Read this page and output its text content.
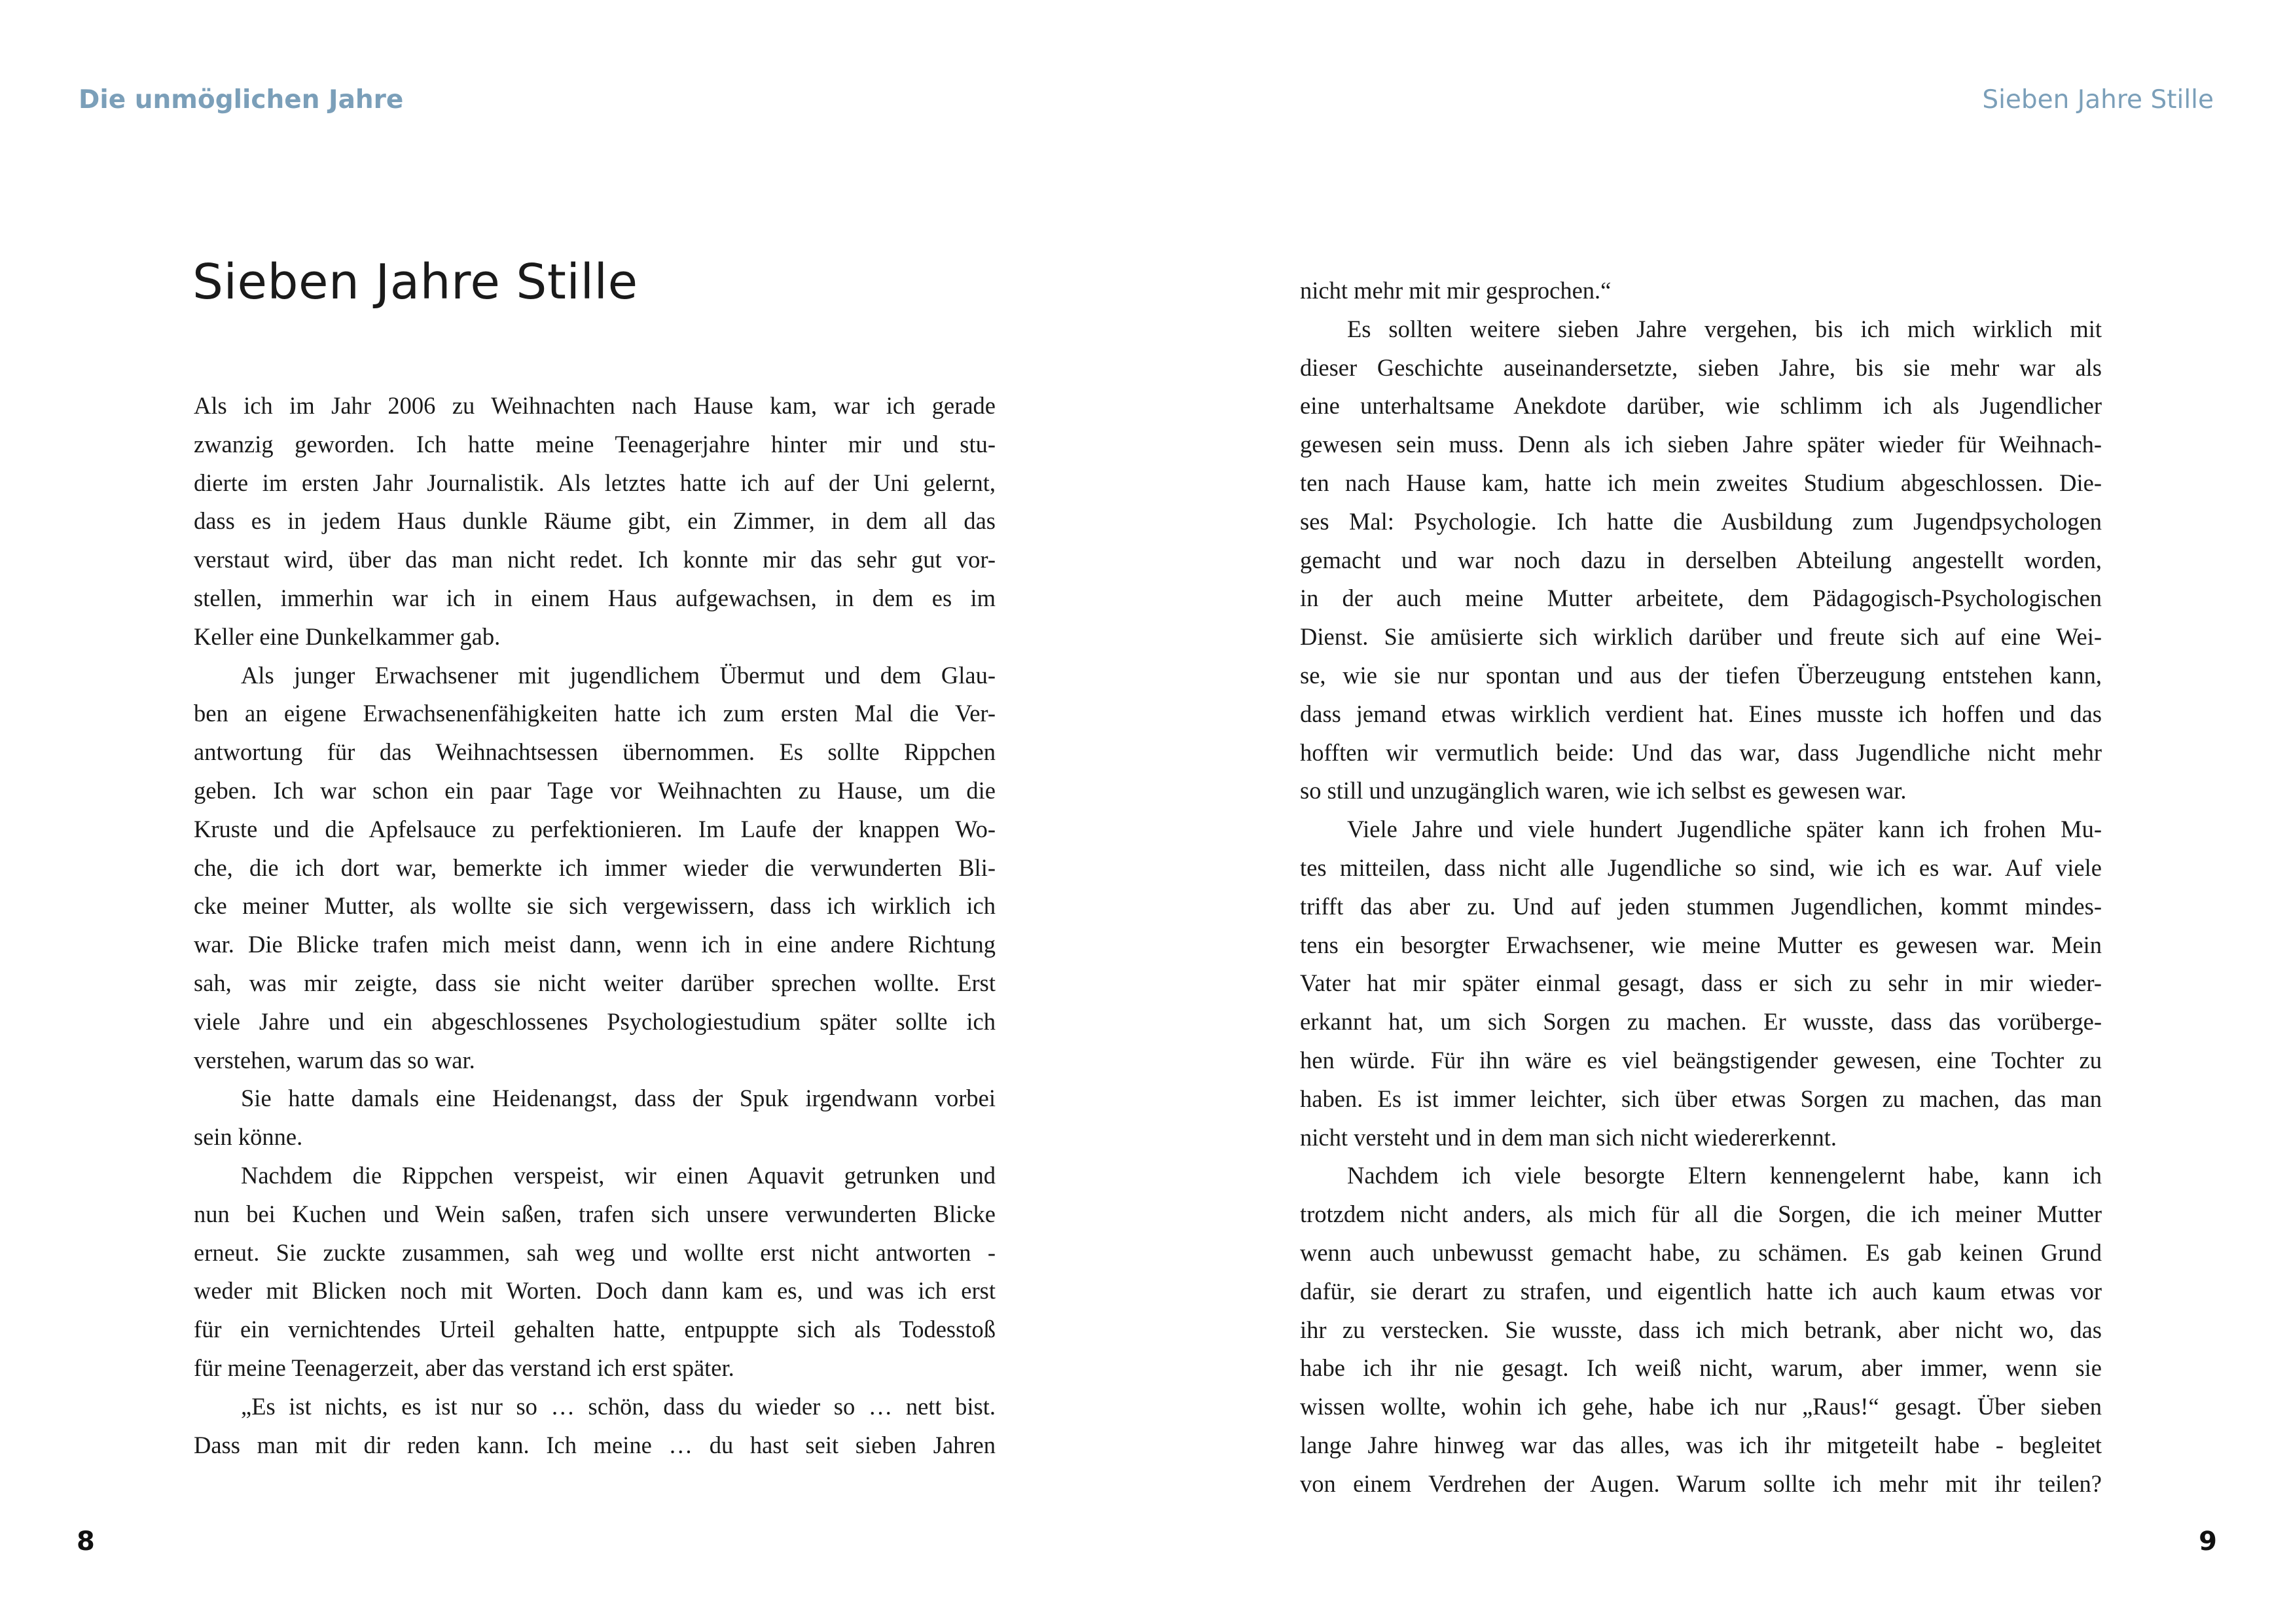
Die unmöglichen Jahre	Sieben Jahre Stille
Sieben Jahre Stille

Als ich im Jahr 2006 zu Weihnachten nach Hause kam, war ich gerade

zwanzig geworden. Ich hatte meine Teenagerjahre hinter mir und stu-

dierte im ersten Jahr Journalistik. Als letztes hatte ich auf der Uni gelernt,

dass es in jedem Haus dunkle Räume gibt, ein Zimmer, in dem all das

verstaut wird, über das man nicht redet. Ich konnte mir das sehr gut vor-

stellen, immerhin war ich in einem Haus aufgewachsen, in dem es im

Keller eine Dunkelkammer gab.

Als junger Erwachsener mit jugendlichem Übermut und dem Glau-

ben an eigene Erwachsenenfähigkeiten hatte ich zum ersten Mal die Ver-

antwortung für das Weihnachtsessen übernommen. Es sollte Rippchen

geben. Ich war schon ein paar Tage vor Weihnachten zu Hause, um die

Kruste und die Apfelsauce zu perfektionieren. Im Laufe der knappen Wo-

che, die ich dort war, bemerkte ich immer wieder die verwunderten Bli-

cke meiner Mutter, als wollte sie sich vergewissern, dass ich wirklich ich

war. Die Blicke trafen mich meist dann, wenn ich in eine andere Richtung

sah, was mir zeigte, dass sie nicht weiter darüber sprechen wollte. Erst

viele Jahre und ein abgeschlossenes Psychologiestudium später sollte ich

verstehen, warum das so war.

Sie hatte damals eine Heidenangst, dass der Spuk irgendwann vorbei

sein könne.

Nachdem die Rippchen verspeist, wir einen Aquavit getrunken und

nun bei Kuchen und Wein saßen, trafen sich unsere verwunderten Blicke

erneut. Sie zuckte zusammen, sah weg und wollte erst nicht antworten -

weder mit Blicken noch mit Worten. Doch dann kam es, und was ich erst

für ein vernichtendes Urteil gehalten hatte, entpuppte sich als Todesstoß

für meine Teenagerzeit, aber das verstand ich erst später.

„Es ist nichts, es ist nur so … schön, dass du wieder so … nett bist.

Dass man mit dir reden kann. Ich meine … du hast seit sieben Jahren

nicht mehr mit mir gesprochen.“

Es sollten weitere sieben Jahre vergehen, bis ich mich wirklich mit

dieser Geschichte auseinandersetzte, sieben Jahre, bis sie mehr war als

eine unterhaltsame Anekdote darüber, wie schlimm ich als Jugendlicher

gewesen sein muss. Denn als ich sieben Jahre später wieder für Weihnach-

ten nach Hause kam, hatte ich mein zweites Studium abgeschlossen. Die-

ses Mal: Psychologie. Ich hatte die Ausbildung zum Jugendpsychologen

gemacht und war noch dazu in derselben Abteilung angestellt worden,

in der auch meine Mutter arbeitete, dem Pädagogisch-Psychologischen

Dienst. Sie amüsierte sich wirklich darüber und freute sich auf eine Wei-

se, wie sie nur spontan und aus der tiefen Überzeugung entstehen kann,

dass jemand etwas wirklich verdient hat. Eines musste ich hoffen und das

hofften wir vermutlich beide: Und das war, dass Jugendliche nicht mehr

so still und unzugänglich waren, wie ich selbst es gewesen war.

Viele Jahre und viele hundert Jugendliche später kann ich frohen Mu-

tes mitteilen, dass nicht alle Jugendliche so sind, wie ich es war. Auf viele

trifft das aber zu. Und auf jeden stummen Jugendlichen, kommt mindes-

tens ein besorgter Erwachsener, wie meine Mutter es gewesen war. Mein

Vater hat mir später einmal gesagt, dass er sich zu sehr in mir wieder-

erkannt hat, um sich Sorgen zu machen. Er wusste, dass das vorüberge-

hen würde. Für ihn wäre es viel beängstigender gewesen, eine Tochter zu

haben. Es ist immer leichter, sich über etwas Sorgen zu machen, das man

nicht versteht und in dem man sich nicht wiedererkennt.

Nachdem ich viele besorgte Eltern kennengelernt habe, kann ich

trotzdem nicht anders, als mich für all die Sorgen, die ich meiner Mutter

wenn auch unbewusst gemacht habe, zu schämen. Es gab keinen Grund

dafür, sie derart zu strafen, und eigentlich hatte ich auch kaum etwas vor

ihr zu verstecken. Sie wusste, dass ich mich betrank, aber nicht wo, das

habe ich ihr nie gesagt. Ich weiß nicht, warum, aber immer, wenn sie

wissen wollte, wohin ich gehe, habe ich nur „Raus!“ gesagt. Über sieben

lange Jahre hinweg war das alles, was ich ihr mitgeteilt habe - begleitet

von einem Verdrehen der Augen. Warum sollte ich mehr mit ihr teilen?

8	9
